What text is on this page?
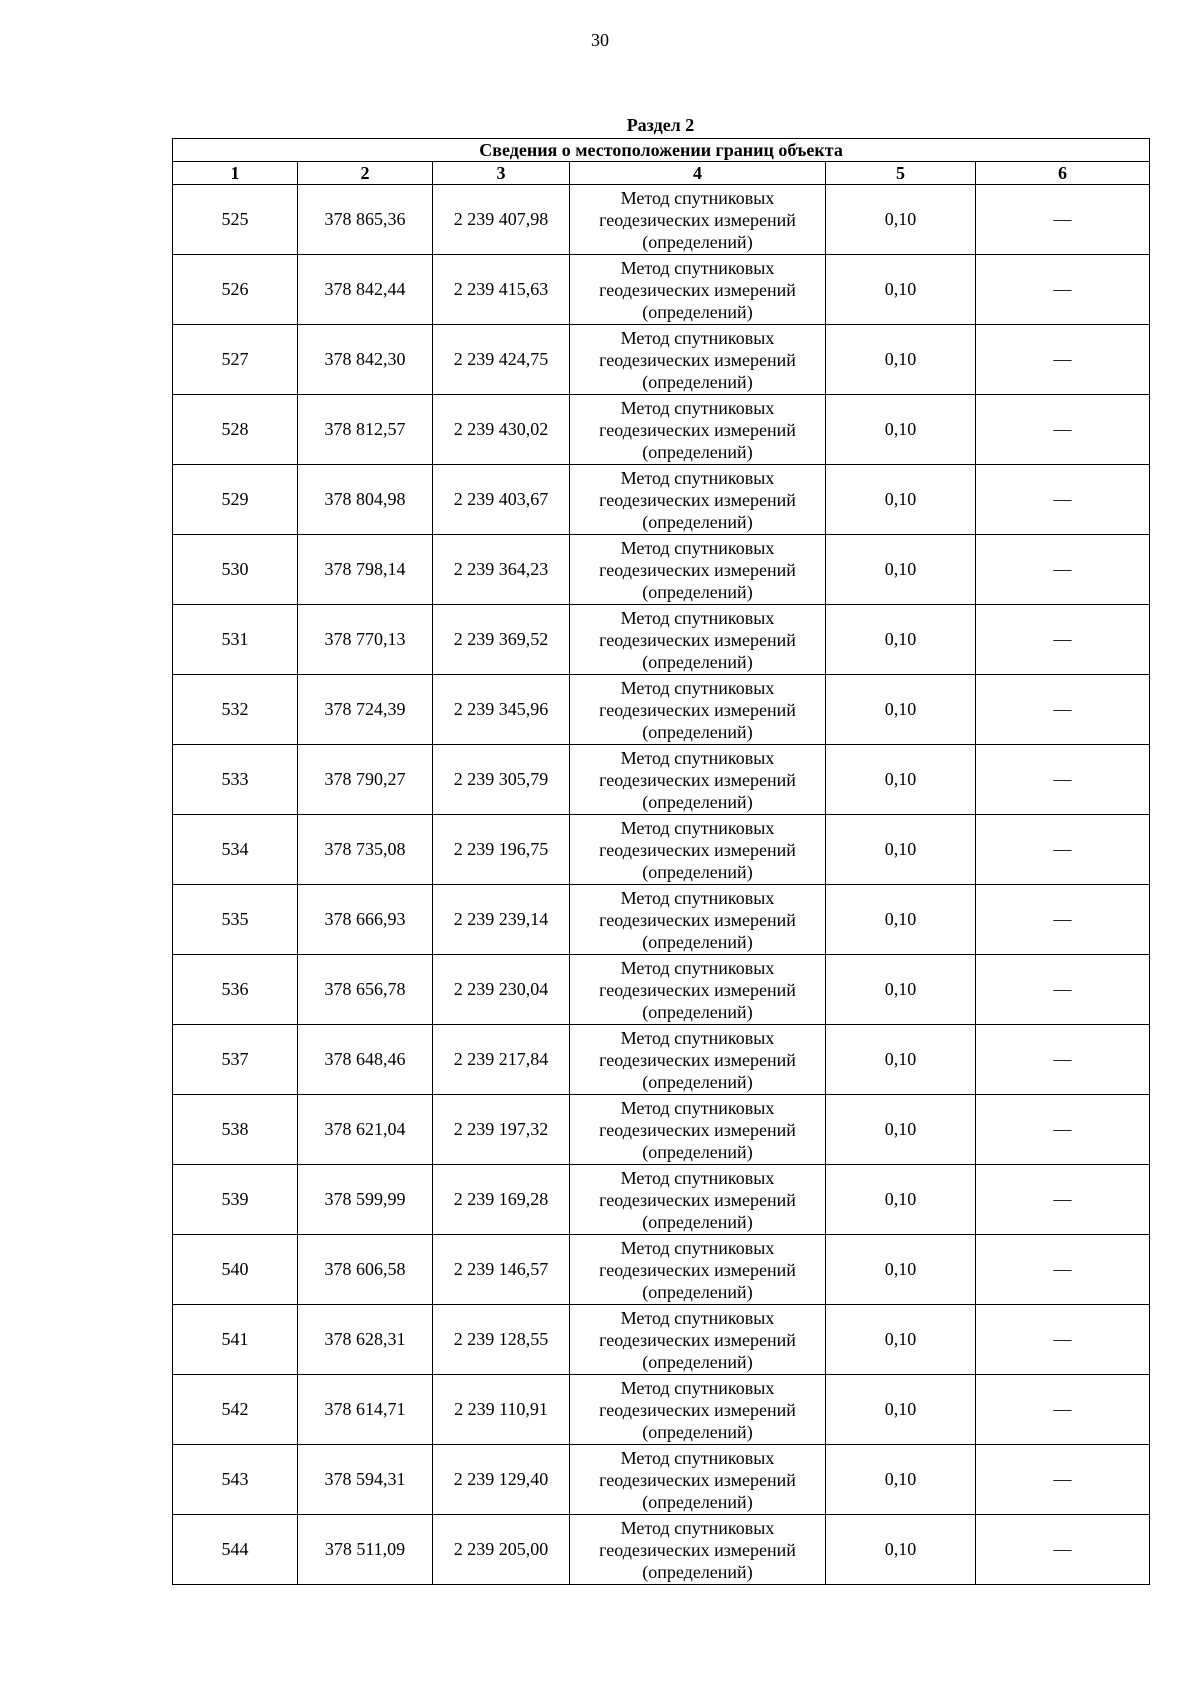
30
Раздел 2
Сведения о местоположении границ объекта					
1	2	3	4	5	6
525	378 865,36	2 239 407,98	Метод спутниковых геодезических измерений (определений)	0,10	—
526	378 842,44	2 239 415,63	Метод спутниковых геодезических измерений (определений)	0,10	—
527	378 842,30	2 239 424,75	Метод спутниковых геодезических измерений (определений)	0,10	—
528	378 812,57	2 239 430,02	Метод спутниковых геодезических измерений (определений)	0,10	—
529	378 804,98	2 239 403,67	Метод спутниковых геодезических измерений (определений)	0,10	—
530	378 798,14	2 239 364,23	Метод спутниковых геодезических измерений (определений)	0,10	—
531	378 770,13	2 239 369,52	Метод спутниковых геодезических измерений (определений)	0,10	—
532	378 724,39	2 239 345,96	Метод спутниковых геодезических измерений (определений)	0,10	—
533	378 790,27	2 239 305,79	Метод спутниковых геодезических измерений (определений)	0,10	—
534	378 735,08	2 239 196,75	Метод спутниковых геодезических измерений (определений)	0,10	—
535	378 666,93	2 239 239,14	Метод спутниковых геодезических измерений (определений)	0,10	—
536	378 656,78	2 239 230,04	Метод спутниковых геодезических измерений (определений)	0,10	—
537	378 648,46	2 239 217,84	Метод спутниковых геодезических измерений (определений)	0,10	—
538	378 621,04	2 239 197,32	Метод спутниковых геодезических измерений (определений)	0,10	—
539	378 599,99	2 239 169,28	Метод спутниковых геодезических измерений (определений)	0,10	—
540	378 606,58	2 239 146,57	Метод спутниковых геодезических измерений (определений)	0,10	—
541	378 628,31	2 239 128,55	Метод спутниковых геодезических измерений (определений)	0,10	—
542	378 614,71	2 239 110,91	Метод спутниковых геодезических измерений (определений)	0,10	—
543	378 594,31	2 239 129,40	Метод спутниковых геодезических измерений (определений)	0,10	—
544	378 511,09	2 239 205,00	Метод спутниковых геодезических измерений (определений)	0,10	—
